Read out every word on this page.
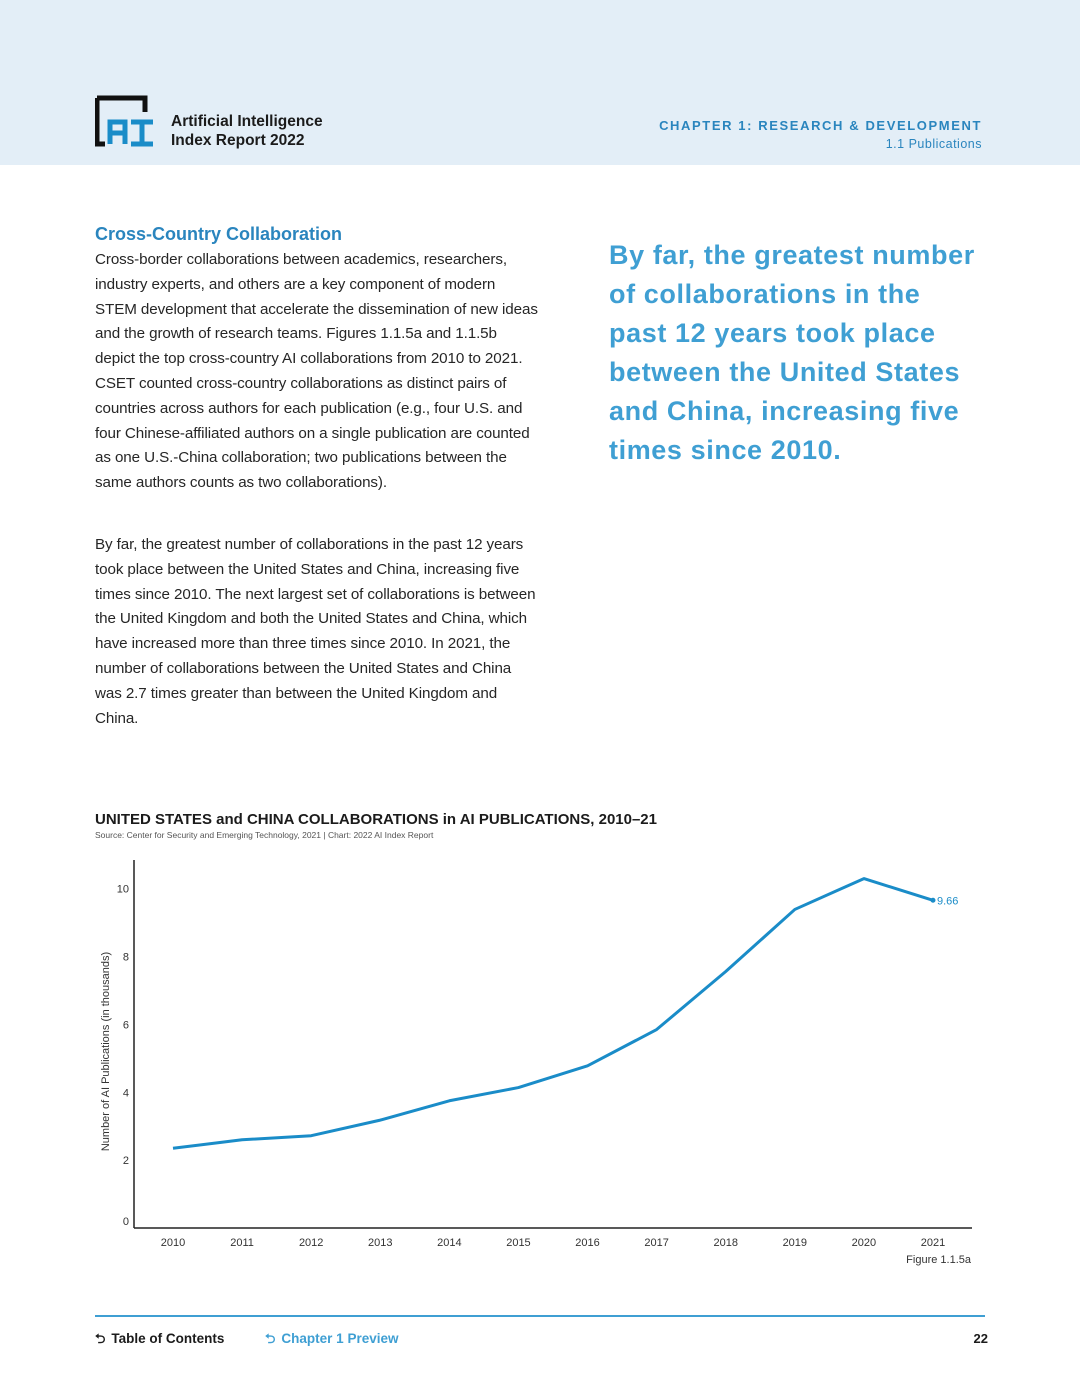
Artificial Intelligence
Index Report 2022
CHAPTER 1: RESEARCH & DEVELOPMENT
1.1 Publications
Cross-Country Collaboration
Cross-border collaborations between academics, researchers, industry experts, and others are a key component of modern STEM development that accelerate the dissemination of new ideas and the growth of research teams. Figures 1.1.5a and 1.1.5b depict the top cross-country AI collaborations from 2010 to 2021. CSET counted cross-country collaborations as distinct pairs of countries across authors for each publication (e.g., four U.S. and four Chinese-affiliated authors on a single publication are counted as one U.S.-China collaboration; two publications between the same authors counts as two collaborations).
By far, the greatest number of collaborations in the past 12 years took place between the United States and China, increasing five times since 2010. The next largest set of collaborations is between the United Kingdom and both the United States and China, which have increased more than three times since 2010. In 2021, the number of collaborations between the United States and China was 2.7 times greater than between the United Kingdom and China.
By far, the greatest number of collaborations in the past 12 years took place between the United States and China, increasing five times since 2010.
UNITED STATES and CHINA COLLABORATIONS in AI PUBLICATIONS, 2010–21
Source: Center for Security and Emerging Technology, 2021 | Chart: 2022 AI Index Report
0
2
4
6
8
10
2010	2011	2012	2013	2014	2015	2016	2017	2018	2019	2020	2021
Number of AI Publications (in thousands)
9.66
Figure 1.1.5a
⮌ Table of Contents	⮌ Chapter 1 Preview	22
